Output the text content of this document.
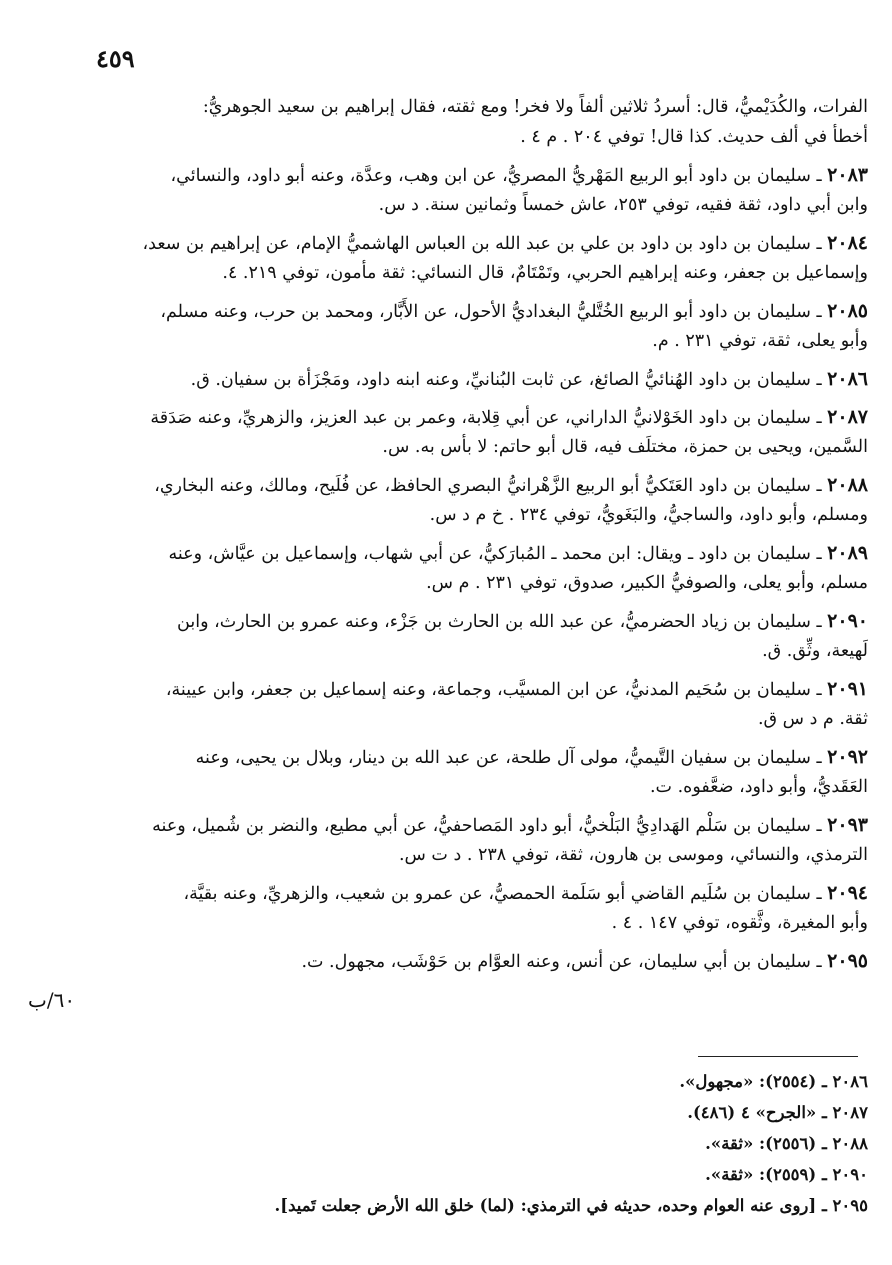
٤٥٩
٦٠/ب
الفرات، والكُدَيْميُّ، قال: أسردُ ثلاثين ألفاً ولا فخر! ومع ثقته، فقال إبراهيم بن سعيد الجوهريُّ:
أخطأ في ألف حديث. كذا قال! توفي ٢٠٤ . م ٤ .
٢٠٨٣ ـ سليمان بن داود أبو الربيع المَهْريُّ المصريُّ، عن ابن وهب، وعدَّة، وعنه أبو داود، والنسائي،
وابن أبي داود، ثقة فقيه، توفي ٢٥٣، عاش خمساً وثمانين سنة. د س.
٢٠٨٤ ـ سليمان بن داود بن داود بن علي بن عبد الله بن العباس الهاشميُّ الإمام، عن إبراهيم بن سعد،
وإسماعيل بن جعفر، وعنه إبراهيم الحربي، وتَمْتَامٌ، قال النسائي: ثقة مأمون، توفي ٢١٩. ٤.
٢٠٨٥ ـ سليمان بن داود أبو الربيع الخُتَّليُّ البغداديُّ الأحول، عن الأَبَّار، ومحمد بن حرب، وعنه مسلم،
وأبو يعلى، ثقة، توفي ٢٣١ . م.
٢٠٨٦ ـ سليمان بن داود الهُنائيُّ الصائغ، عن ثابت البُنانيِّ، وعنه ابنه داود، ومَجْزَأة بن سفيان. ق.
٢٠٨٧ ـ سليمان بن داود الخَوْلانيُّ الداراني، عن أبي قِلابة، وعمر بن عبد العزيز، والزهريِّ، وعنه صَدَقة
السَّمين، ويحيى بن حمزة، مختلَف فيه، قال أبو حاتم: لا بأس به. س.
٢٠٨٨ ـ سليمان بن داود العَتَكيُّ أبو الربيع الزَّهْرانيُّ البصري الحافظ، عن فُلَيح، ومالك، وعنه البخاري،
ومسلم، وأبو داود، والساجيُّ، والبَغَويُّ، توفي ٢٣٤ . خ م د س.
٢٠٨٩ ـ سليمان بن داود ـ ويقال: ابن محمد ـ المُبارَكيُّ، عن أبي شهاب، وإسماعيل بن عيَّاش، وعنه
مسلم، وأبو يعلى، والصوفيُّ الكبير، صدوق، توفي ٢٣١ . م س.
٢٠٩٠ ـ سليمان بن زياد الحضرميُّ، عن عبد الله بن الحارث بن جَزْء، وعنه عمرو بن الحارث، وابن
لَهيعة، وثِّق. ق.
٢٠٩١ ـ سليمان بن سُحَيم المدنيُّ، عن ابن المسيَّب، وجماعة، وعنه إسماعيل بن جعفر، وابن عيينة،
ثقة. م د س ق.
٢٠٩٢ ـ سليمان بن سفيان التَّيميُّ، مولى آل طلحة، عن عبد الله بن دينار، وبلال بن يحيى، وعنه
العَقَديُّ، وأبو داود، ضعَّفوه. ت.
٢٠٩٣ ـ سليمان بن سَلْم الهَدادِيُّ البَلْخيُّ، أبو داود المَصاحفيُّ، عن أبي مطيع، والنضر بن شُميل، وعنه
الترمذي، والنسائي، وموسى بن هارون، ثقة، توفي ٢٣٨ . د ت س.
٢٠٩٤ ـ سليمان بن سُلَيم القاضي أبو سَلَمة الحمصيُّ، عن عمرو بن شعيب، والزهريِّ، وعنه بقيَّة،
وأبو المغيرة، وثَّقوه، توفي ١٤٧ . ٤ .
٢٠٩٥ ـ سليمان بن أبي سليمان، عن أنس، وعنه العوَّام بن حَوْشَب، مجهول. ت.
٢٠٨٦ ـ (٢٥٥٤): «مجهول».
٢٠٨٧ ـ «الجرح» ٤ (٤٨٦).
٢٠٨٨ ـ (٢٥٥٦): «ثقة».
٢٠٩٠ ـ (٢٥٥٩): «ثقة».
٢٠٩٥ ـ [روى عنه العوام وحده، حديثه في الترمذي: (لما) خلق الله الأرض جعلت تَميد].
